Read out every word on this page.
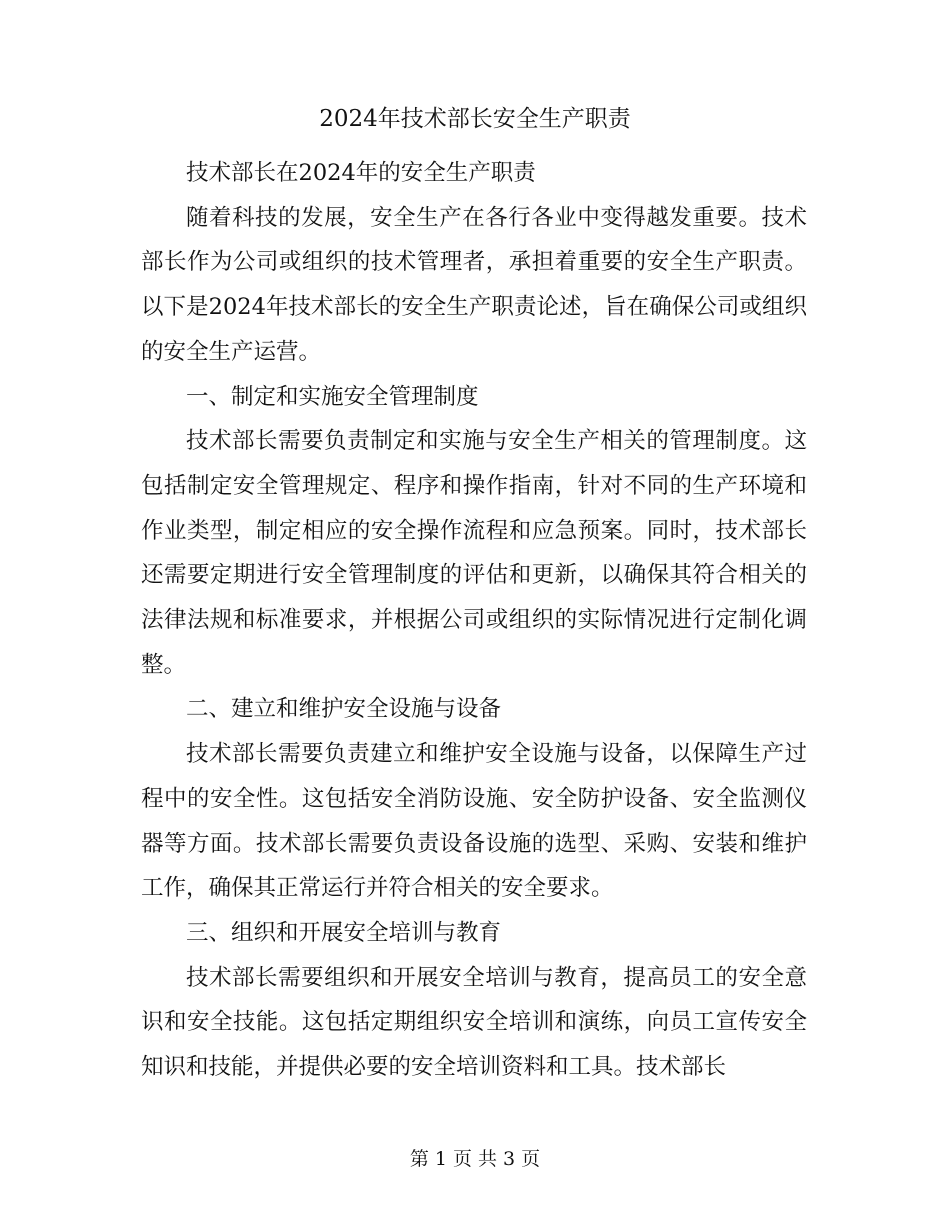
2024年技术部长安全生产职责

技术部长在2024年的安全生产职责

随着科技的发展，安全生产在各行各业中变得越发重要。技术部长作为公司或组织的技术管理者，承担着重要的安全生产职责。以下是2024年技术部长的安全生产职责论述，旨在确保公司或组织的安全生产运营。

一、制定和实施安全管理制度

技术部长需要负责制定和实施与安全生产相关的管理制度。这包括制定安全管理规定、程序和操作指南，针对不同的生产环境和作业类型，制定相应的安全操作流程和应急预案。同时，技术部长还需要定期进行安全管理制度的评估和更新，以确保其符合相关的法律法规和标准要求，并根据公司或组织的实际情况进行定制化调整。

二、建立和维护安全设施与设备

技术部长需要负责建立和维护安全设施与设备，以保障生产过程中的安全性。这包括安全消防设施、安全防护设备、安全监测仪器等方面。技术部长需要负责设备设施的选型、采购、安装和维护工作，确保其正常运行并符合相关的安全要求。

三、组织和开展安全培训与教育

技术部长需要组织和开展安全培训与教育，提高员工的安全意识和安全技能。这包括定期组织安全培训和演练，向员工宣传安全知识和技能，并提供必要的安全培训资料和工具。技术部长

第 1 页 共 3 页
